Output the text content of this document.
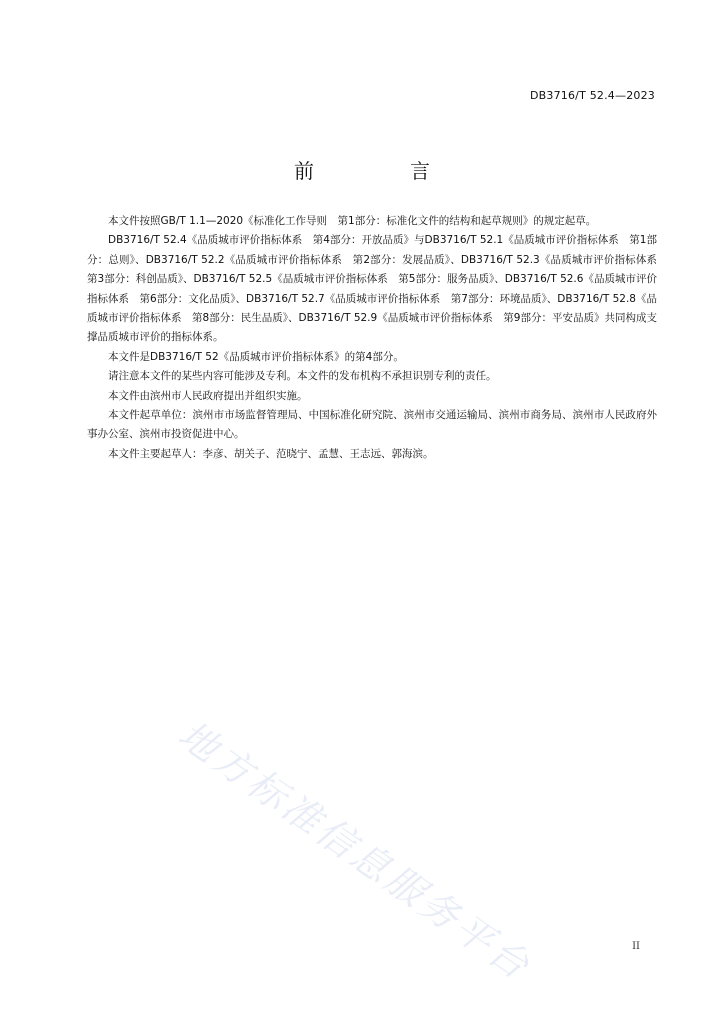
DB3716/T 52.4—2023
前　言

本文件按照GB/T 1.1—2020《标准化工作导则　第1部分：标准化文件的结构和起草规则》的规定起草。

DB3716/T 52.4《品质城市评价指标体系　第4部分：开放品质》与DB3716/T 52.1《品质城市评价指标体系　第1部分：总则》、DB3716/T 52.2《品质城市评价指标体系　第2部分：发展品质》、DB3716/T 52.3《品质城市评价指标体系　第3部分：科创品质》、DB3716/T 52.5《品质城市评价指标体系　第5部分：服务品质》、DB3716/T 52.6《品质城市评价指标体系　第6部分：文化品质》、DB3716/T 52.7《品质城市评价指标体系　第7部分：环境品质》、DB3716/T 52.8《品质城市评价指标体系　第8部分：民生品质》、DB3716/T 52.9《品质城市评价指标体系　第9部分：平安品质》共同构成支撑品质城市评价的指标体系。

本文件是DB3716/T 52《品质城市评价指标体系》的第4部分。

请注意本文件的某些内容可能涉及专利。本文件的发布机构不承担识别专利的责任。

本文件由滨州市人民政府提出并组织实施。

本文件起草单位：滨州市市场监督管理局、中国标准化研究院、滨州市交通运输局、滨州市商务局、滨州市人民政府外事办公室、滨州市投资促进中心。

本文件主要起草人：李彦、胡关子、范晓宁、孟慧、王志远、郭海滨。

地方标准信息服务平台	II
